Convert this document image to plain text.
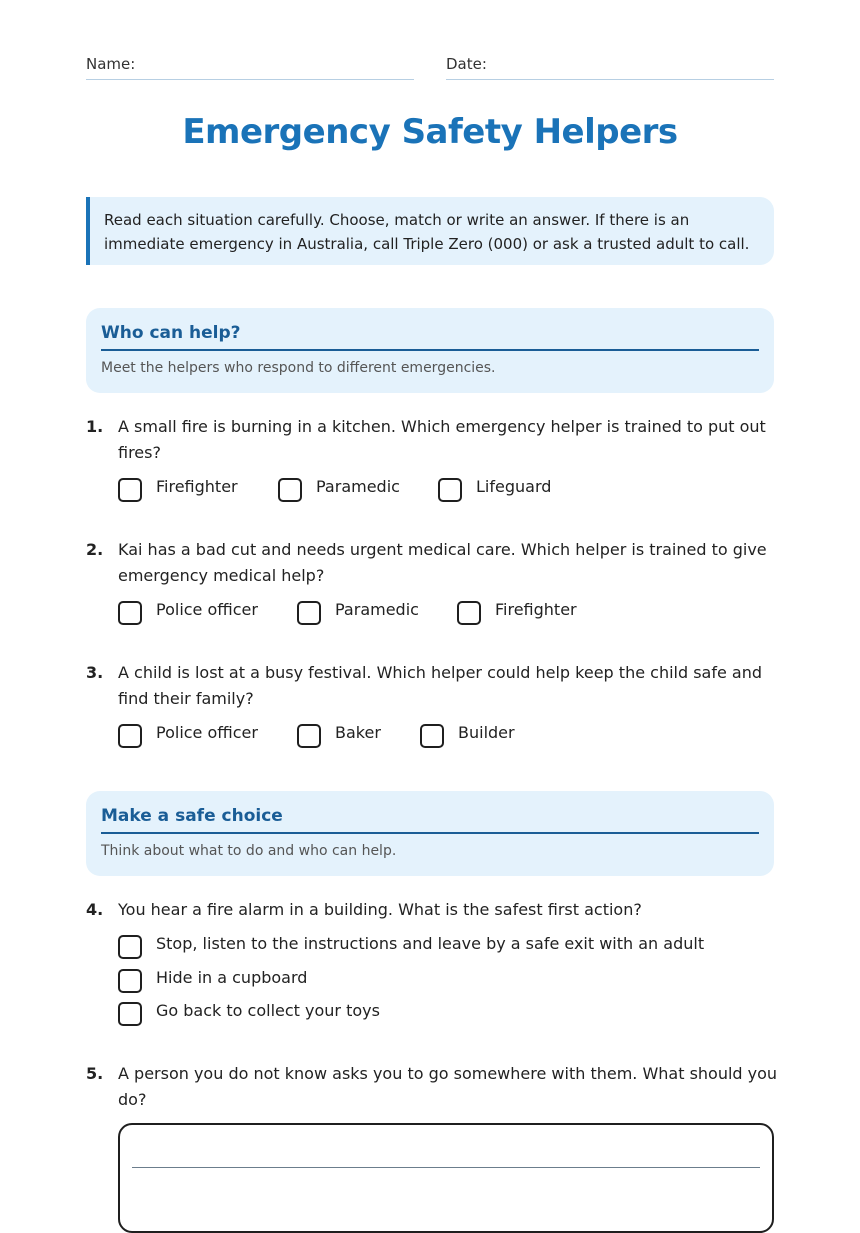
Name:	Date:
Emergency Safety Helpers
Read each situation carefully. Choose, match or write an answer. If there is an immediate emergency in Australia, call Triple Zero (000) or ask a trusted adult to call.
Who can help?
Meet the helpers who respond to different emergencies.
1. A small fire is burning in a kitchen. Which emergency helper is trained to put out fires?
Firefighter	Paramedic	Lifeguard
2. Kai has a bad cut and needs urgent medical care. Which helper is trained to give emergency medical help?
Police officer	Paramedic	Firefighter
3. A child is lost at a busy festival. Which helper could help keep the child safe and find their family?
Police officer	Baker	Builder
Make a safe choice
Think about what to do and who can help.
4. You hear a fire alarm in a building. What is the safest first action?
Stop, listen to the instructions and leave by a safe exit with an adult
Hide in a cupboard
Go back to collect your toys
5. A person you do not know asks you to go somewhere with them. What should you do?
